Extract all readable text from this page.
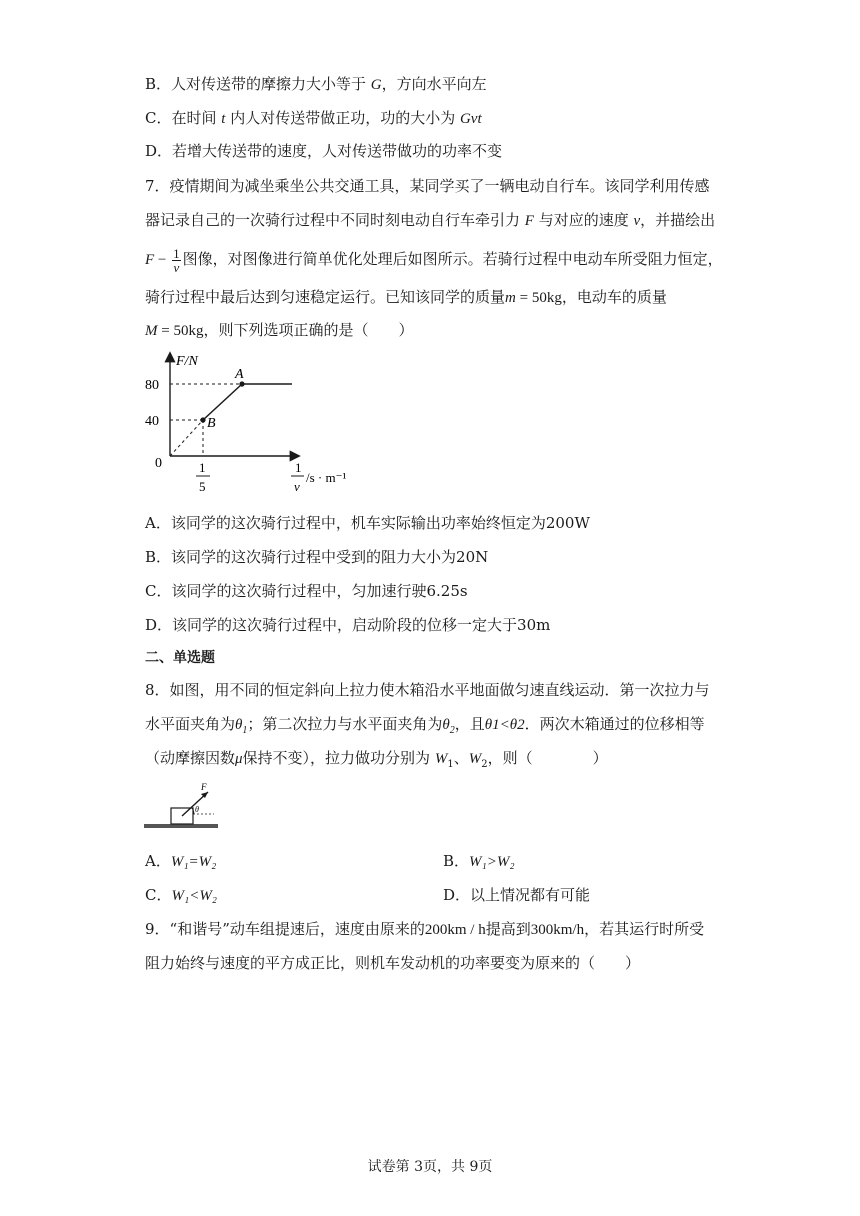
B．人对传送带的摩擦力大小等于 G，方向水平向左
C．在时间 t 内人对传送带做正功，功的大小为 Gvt
D．若增大传送带的速度，人对传送带做功的功率不变
7．疫情期间为减坐乘坐公共交通工具，某同学买了一辆电动自行车。该同学利用传感
器记录自己的一次骑行过程中不同时刻电动自行车牵引力 F 与对应的速度 v，并描绘出
$F - \frac{1}{v}$ 图像，对图像进行简单优化处理后如图所示。若骑行过程中电动车所受阻力恒定，
骑行过程中最后达到匀速稳定运行。已知该同学的质量m = 50kg，电动车的质量
M = 50kg，则下列选项正确的是（　　）
F/N
80
40
0
A
B
1
5
1
v
/s · m⁻¹
A．该同学的这次骑行过程中，机车实际输出功率始终恒定为200W
B．该同学的这次骑行过程中受到的阻力大小为20N
C．该同学的这次骑行过程中，匀加速行驶6.25s
D．该同学的这次骑行过程中，启动阶段的位移一定大于30m
二、单选题
8．如图，用不同的恒定斜向上拉力使木箱沿水平地面做匀速直线运动．第一次拉力与
水平面夹角为$\theta_1$；第二次拉力与水平面夹角为$\theta_2$，且θ1<θ2．两次木箱通过的位移相等
（动摩擦因数μ保持不变），拉力做功分别为 $W_1$、$W_2$，则（　　　　）
F
θ
A．W₁=W₂	B．W₁>W₂
C．W₁<W₂	D．以上情况都有可能
9．“和谐号”动车组提速后，速度由原来的200km / h提高到300km/h，若其运行时所受
阻力始终与速度的平方成正比，则机车发动机的功率要变为原来的（　　）
试卷第 3页，共 9页
